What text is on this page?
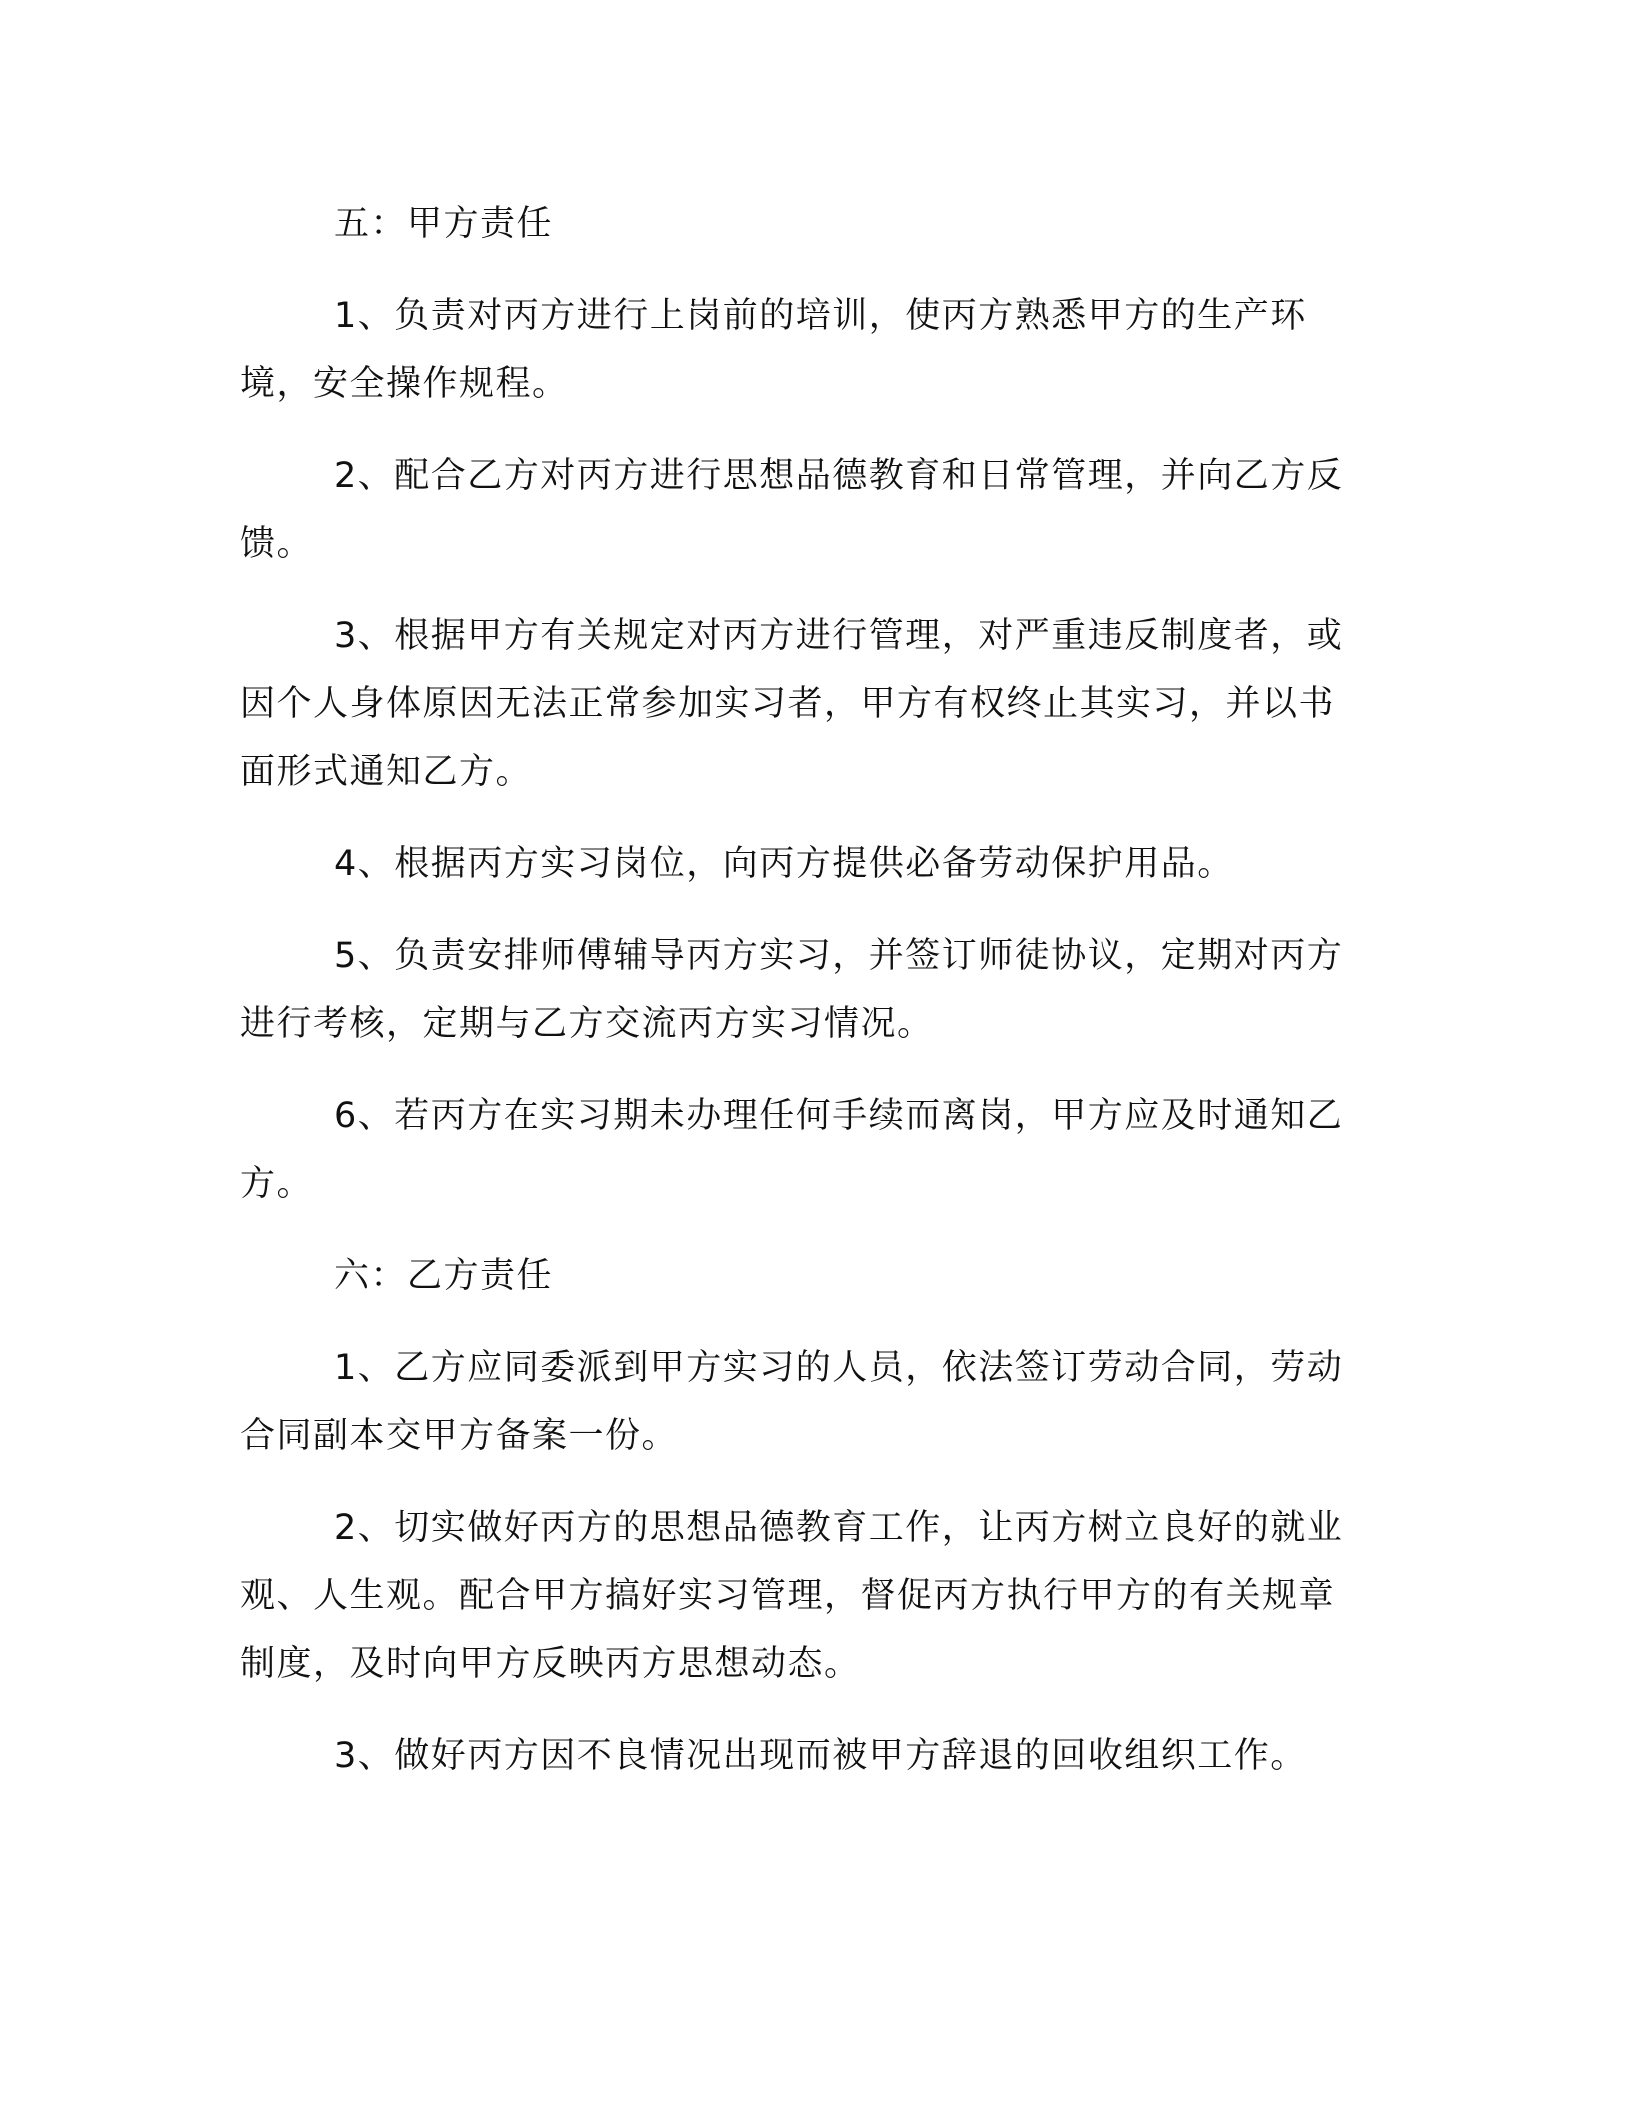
五：甲方责任

1、负责对丙方进行上岗前的培训，使丙方熟悉甲方的生产环境，安全操作规程。

2、配合乙方对丙方进行思想品德教育和日常管理，并向乙方反馈。

3、根据甲方有关规定对丙方进行管理，对严重违反制度者，或因个人身体原因无法正常参加实习者，甲方有权终止其实习，并以书面形式通知乙方。

4、根据丙方实习岗位，向丙方提供必备劳动保护用品。

5、负责安排师傅辅导丙方实习，并签订师徒协议，定期对丙方进行考核，定期与乙方交流丙方实习情况。

6、若丙方在实习期未办理任何手续而离岗，甲方应及时通知乙方。

六：乙方责任

1、乙方应同委派到甲方实习的人员，依法签订劳动合同，劳动合同副本交甲方备案一份。

2、切实做好丙方的思想品德教育工作，让丙方树立良好的就业观、人生观。配合甲方搞好实习管理，督促丙方执行甲方的有关规章制度，及时向甲方反映丙方思想动态。

3、做好丙方因不良情况出现而被甲方辞退的回收组织工作。
